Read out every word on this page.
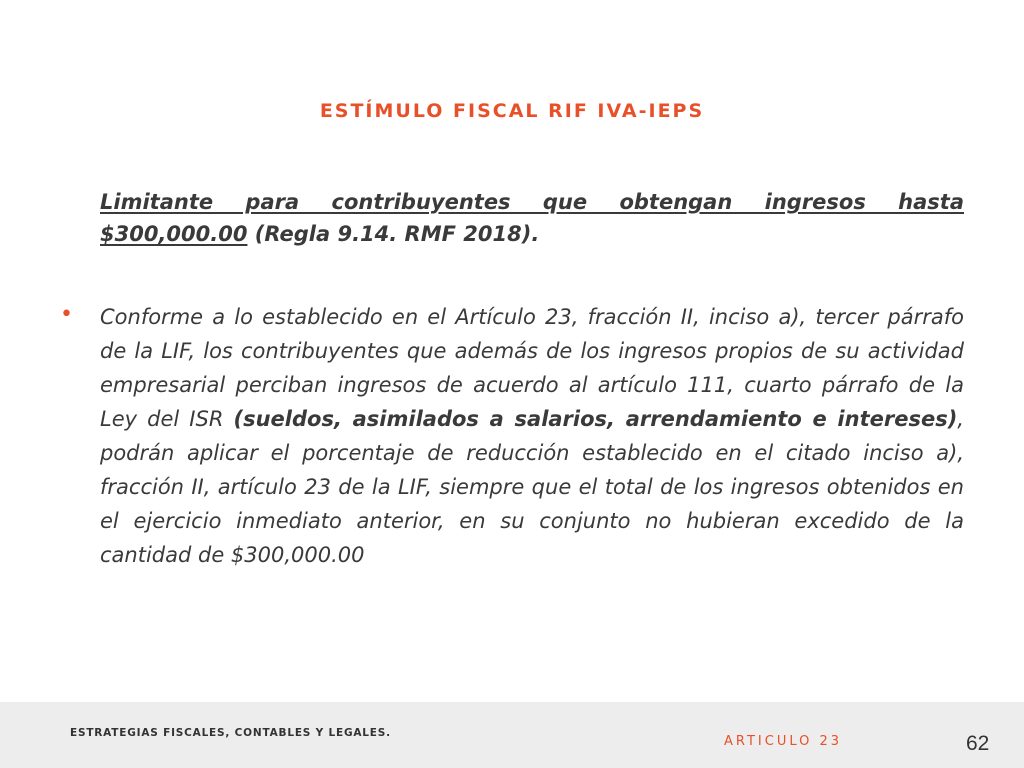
ESTÍMULO FISCAL RIF IVA-IEPS
Limitante para contribuyentes que obtengan ingresos hasta $300,000.00 (Regla 9.14. RMF 2018).
• Conforme a lo establecido en el Artículo 23, fracción II, inciso a), tercer párrafo de la LIF, los contribuyentes que además de los ingresos propios de su actividad empresarial perciban ingresos de acuerdo al artículo 111, cuarto párrafo de la Ley del ISR (sueldos, asimilados a salarios, arrendamiento e intereses), podrán aplicar el porcentaje de reducción establecido en el citado inciso a), fracción II, artículo 23 de la LIF, siempre que el total de los ingresos obtenidos en el ejercicio inmediato anterior, en su conjunto no hubieran excedido de la cantidad de $300,000.00
ESTRATEGIAS FISCALES, CONTABLES Y LEGALES.
ARTICULO 23	62
